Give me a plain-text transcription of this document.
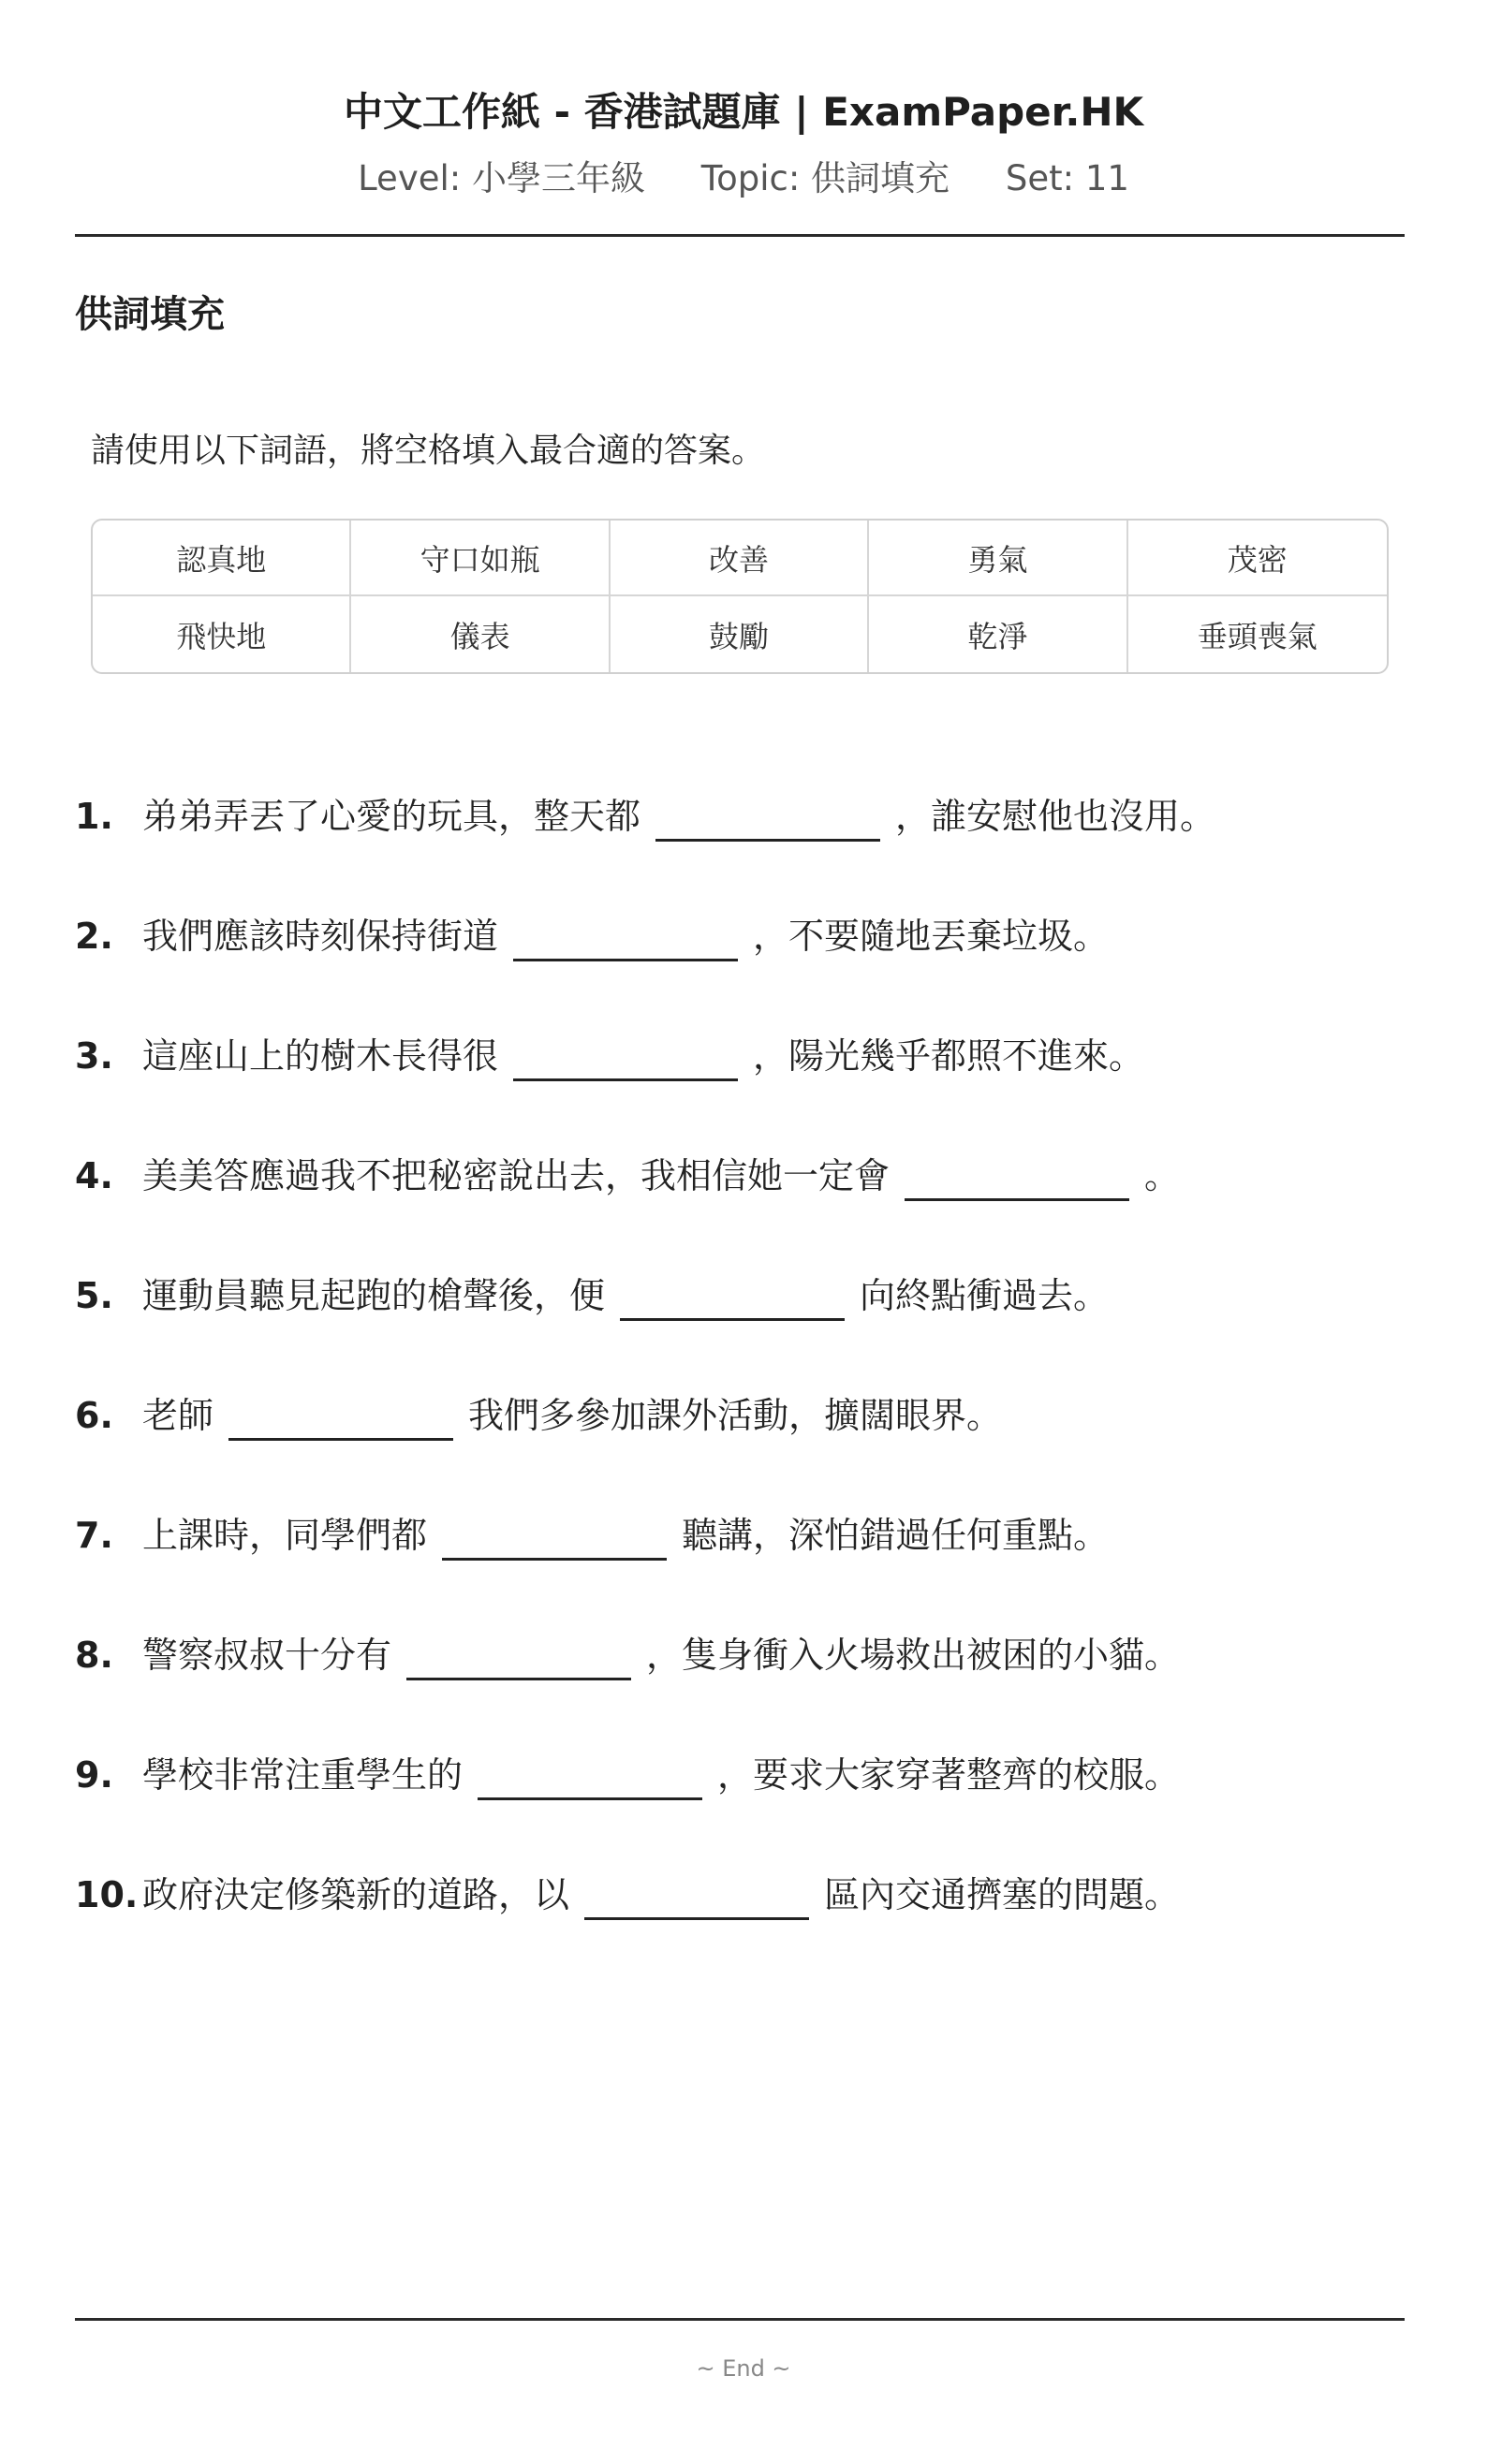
中文工作紙 - 香港試題庫 | ExamPaper.HK
Level: 小學三年級 Topic: 供詞填充 Set: 11
供詞填充
請使用以下詞語，將空格填入最合適的答案。
認真地	守口如瓶	改善	勇氣	茂密
飛快地	儀表	鼓勵	乾淨	垂頭喪氣
1. 弟弟弄丟了心愛的玩具，整天都	，誰安慰他也沒用。
2. 我們應該時刻保持街道	，不要隨地丟棄垃圾。
3. 這座山上的樹木長得很	，陽光幾乎都照不進來。
4. 美美答應過我不把秘密說出去，我相信她一定會	。
5. 運動員聽見起跑的槍聲後，便	向終點衝過去。
6. 老師	我們多參加課外活動，擴闊眼界。
7. 上課時，同學們都	聽講，深怕錯過任何重點。
8. 警察叔叔十分有	，隻身衝入火場救出被困的小貓。
9. 學校非常注重學生的	，要求大家穿著整齊的校服。
10. 政府決定修築新的道路，以	區內交通擠塞的問題。
~ End ~
